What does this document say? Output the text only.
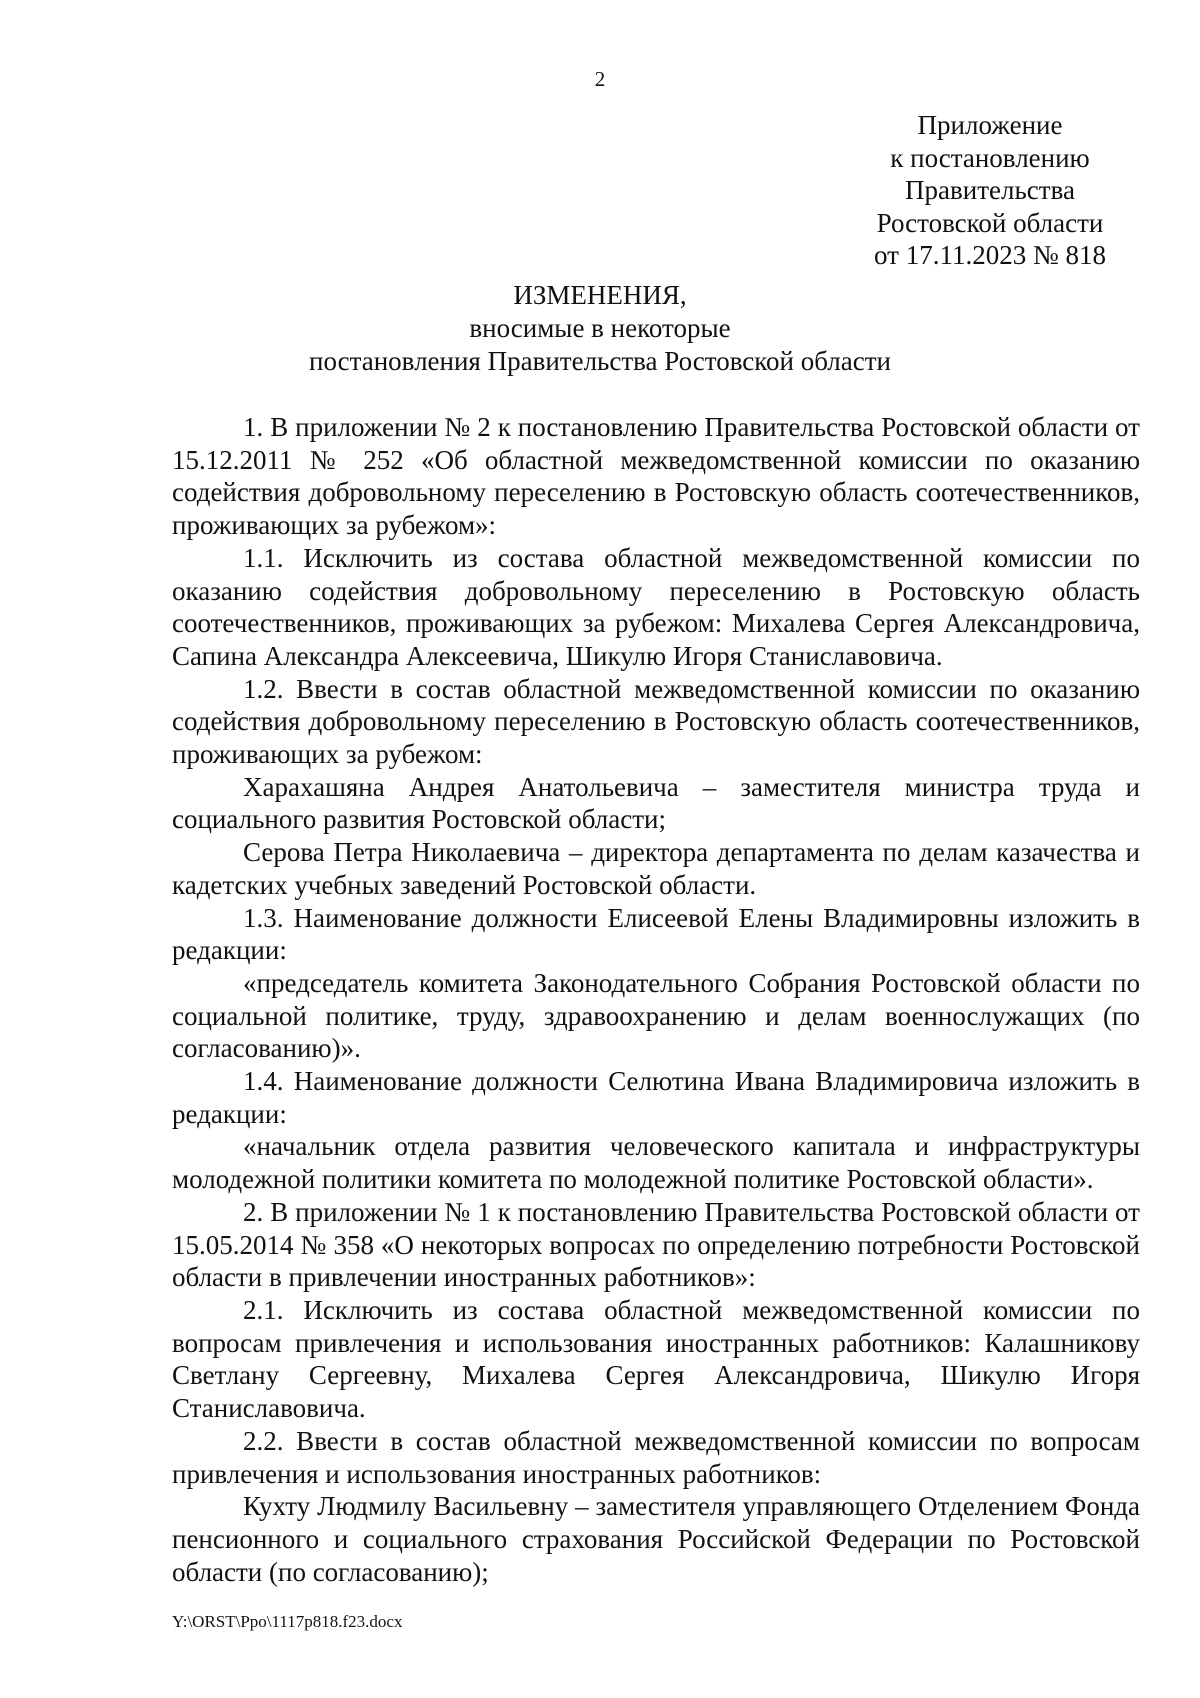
2
Приложение
к постановлению
Правительства
Ростовской области
от 17.11.2023 № 818
ИЗМЕНЕНИЯ,
вносимые в некоторые
постановления Правительства Ростовской области

1. В приложении № 2 к постановлению Правительства Ростовской области от 15.12.2011 № 252 «Об областной межведомственной комиссии по оказанию содействия добровольному переселению в Ростовскую область соотечественников, проживающих за рубежом»:

1.1. Исключить из состава областной межведомственной комиссии по оказанию содействия добровольному переселению в Ростовскую область соотечественников, проживающих за рубежом: Михалева Сергея Александровича, Сапина Александра Алексеевича, Шикулю Игоря Станиславовича.

1.2. Ввести в состав областной межведомственной комиссии по оказанию содействия добровольному переселению в Ростовскую область соотечественников, проживающих за рубежом:

Харахашяна Андрея Анатольевича – заместителя министра труда и социального развития Ростовской области;

Серова Петра Николаевича – директора департамента по делам казачества и кадетских учебных заведений Ростовской области.

1.3. Наименование должности Елисеевой Елены Владимировны изложить в редакции:

«председатель комитета Законодательного Собрания Ростовской области по социальной политике, труду, здравоохранению и делам военнослужащих (по согласованию)».

1.4. Наименование должности Селютина Ивана Владимировича изложить в редакции:

«начальник отдела развития человеческого капитала и инфраструктуры молодежной политики комитета по молодежной политике Ростовской области».

2. В приложении № 1 к постановлению Правительства Ростовской области от 15.05.2014 № 358 «О некоторых вопросах по определению потребности Ростовской области в привлечении иностранных работников»:

2.1. Исключить из состава областной межведомственной комиссии по вопросам привлечения и использования иностранных работников: Калашникову Светлану Сергеевну, Михалева Сергея Александровича, Шикулю Игоря Станиславовича.

2.2. Ввести в состав областной межведомственной комиссии по вопросам привлечения и использования иностранных работников:

Кухту Людмилу Васильевну – заместителя управляющего Отделением Фонда пенсионного и социального страхования Российской Федерации по Ростовской области (по согласованию);

Y:\ORST\Ppo\1117p818.f23.docx
